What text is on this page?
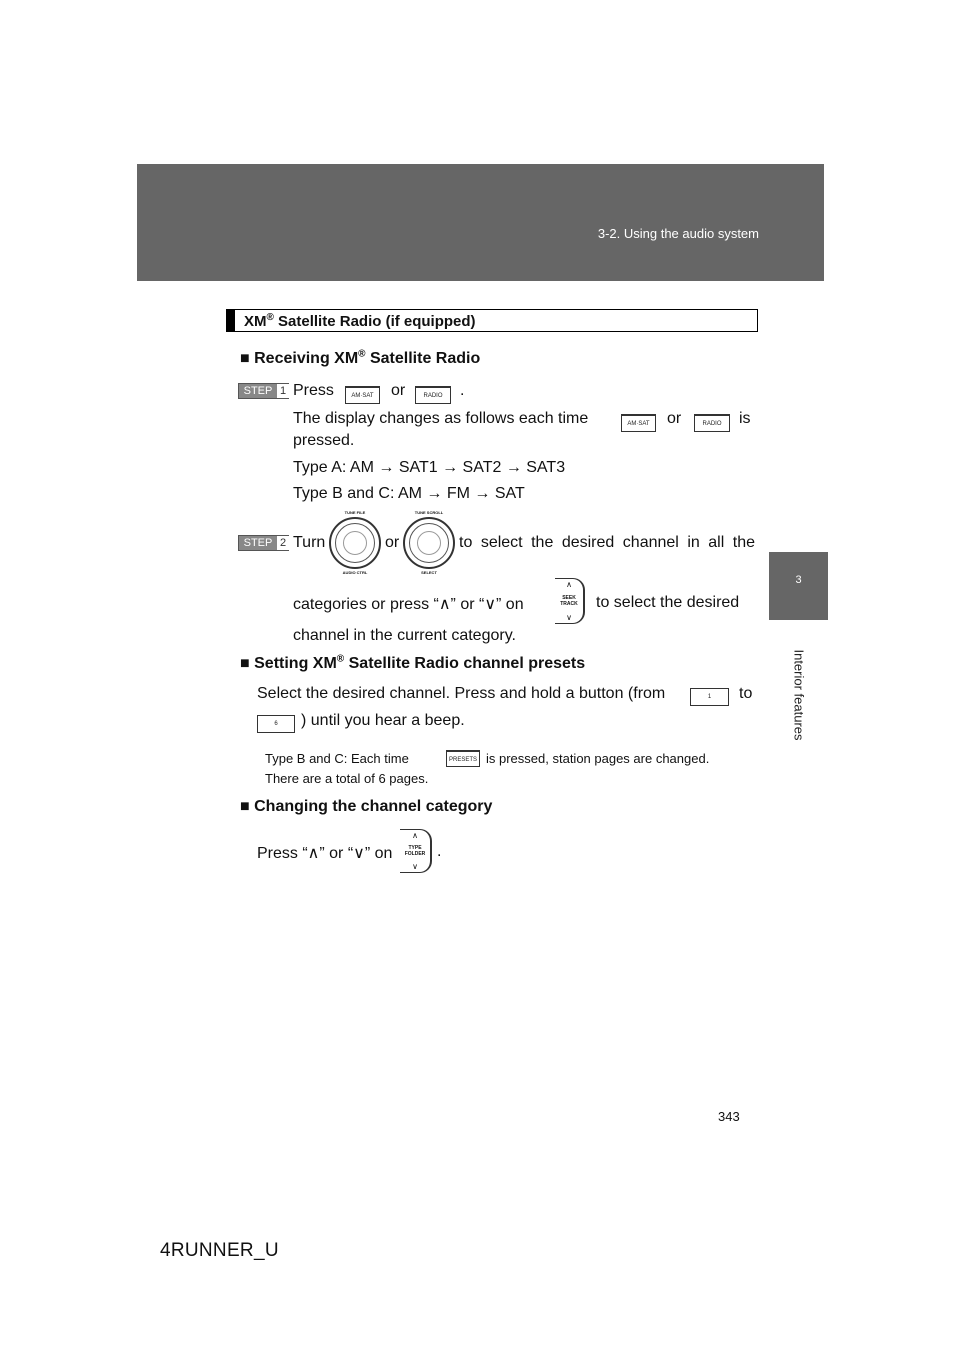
3-2. Using the audio system
3
Interior features
XM® Satellite Radio (if equipped)
■ Receiving XM® Satellite Radio
STEP 1 Press	AM·SAT	or	RADIO	.
The display changes as follows each time	AM·SAT	or	RADIO	is
pressed.
Type A: AM → SAT1 → SAT2 → SAT3
Type B and C: AM → FM → SAT
STEP 2 Turn
TUNE FILE
AUDIO CTRL
or
TUNE SCROLL
SELECT
to select the desired channel in all the
categories or press “∧” or “∨” on
∧
SEEK TRACK
∨
to select the desired
channel in the current category.
■ Setting XM® Satellite Radio channel presets
Select the desired channel. Press and hold a button (from	1	to
6	) until you hear a beep.
Type B and C: Each time	PRESETS is pressed, station pages are changed.
There are a total of 6 pages.
■ Changing the channel category
Press “∧” or “∨” on
∧
TYPE FOLDER
∨
.
343
4RUNNER_U
